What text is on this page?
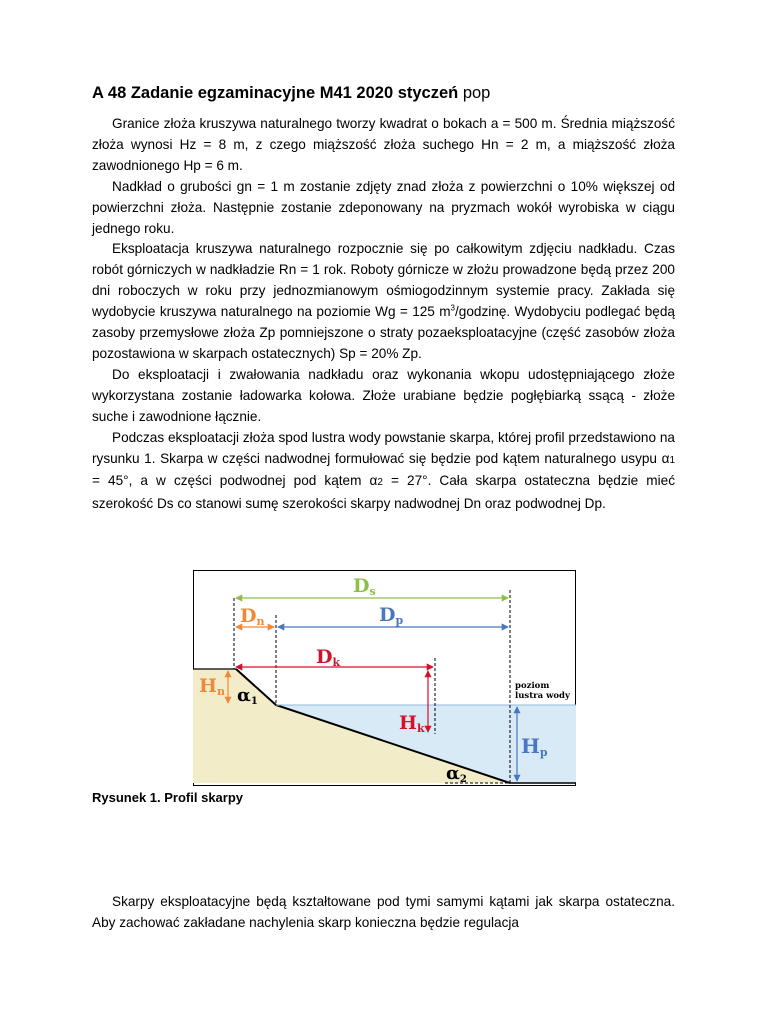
A 48 Zadanie egzaminacyjne M41 2020 styczeń pop

Granice złoża kruszywa naturalnego tworzy kwadrat o bokach a = 500 m. Średnia miąższość złoża wynosi Hz = 8 m, z czego miąższość złoża suchego Hn = 2 m, a miąższość złoża zawodnionego Hp = 6 m.

Nadkład o grubości gn = 1 m zostanie zdjęty znad złoża z powierzchni o 10% większej od powierzchni złoża. Następnie zostanie zdeponowany na pryzmach wokół wyrobiska w ciągu jednego roku.

Eksploatacja kruszywa naturalnego rozpocznie się po całkowitym zdjęciu nadkładu. Czas robót górniczych w nadkładzie Rn = 1 rok. Roboty górnicze w złożu prowadzone będą przez 200 dni roboczych w roku przy jednozmianowym ośmiogodzinnym systemie pracy. Zakłada się wydobycie kruszywa naturalnego na poziomie Wg = 125 $m^3$/godzinę. Wydobyciu podlegać będą zasoby przemysłowe złoża Zp pomniejszone o straty pozaeksploatacyjne (część zasobów złoża pozostawiona w skarpach ostatecznych) Sp = 20% Zp.

Do eksploatacji i zwałowania nadkładu oraz wykonania wkopu udostępniającego złoże wykorzystana zostanie ładowarka kołowa. Złoże urabiane będzie pogłębiarką ssącą - złoże suche i zawodnione łącznie.

Podczas eksploatacji złoża spod lustra wody powstanie skarpa, której profil przedstawiono na rysunku 1. Skarpa w części nadwodnej formułować się będzie pod kątem naturalnego usypu α1 = 45°, a w części podwodnej pod kątem α2 = 27°. Cała skarpa ostateczna będzie mieć szerokość Ds co stanowi sumę szerokości skarpy nadwodnej Dn oraz podwodnej Dp.

Ds
Dn	Dp
Dk
Hn
Hk
Hp
α1
α2
poziom
lustra wody

Rysunek 1. Profil skarpy

Skarpy eksploatacyjne będą kształtowane pod tymi samymi kątami jak skarpa ostateczna. Aby zachować zakładane nachylenia skarp konieczna będzie regulacja
